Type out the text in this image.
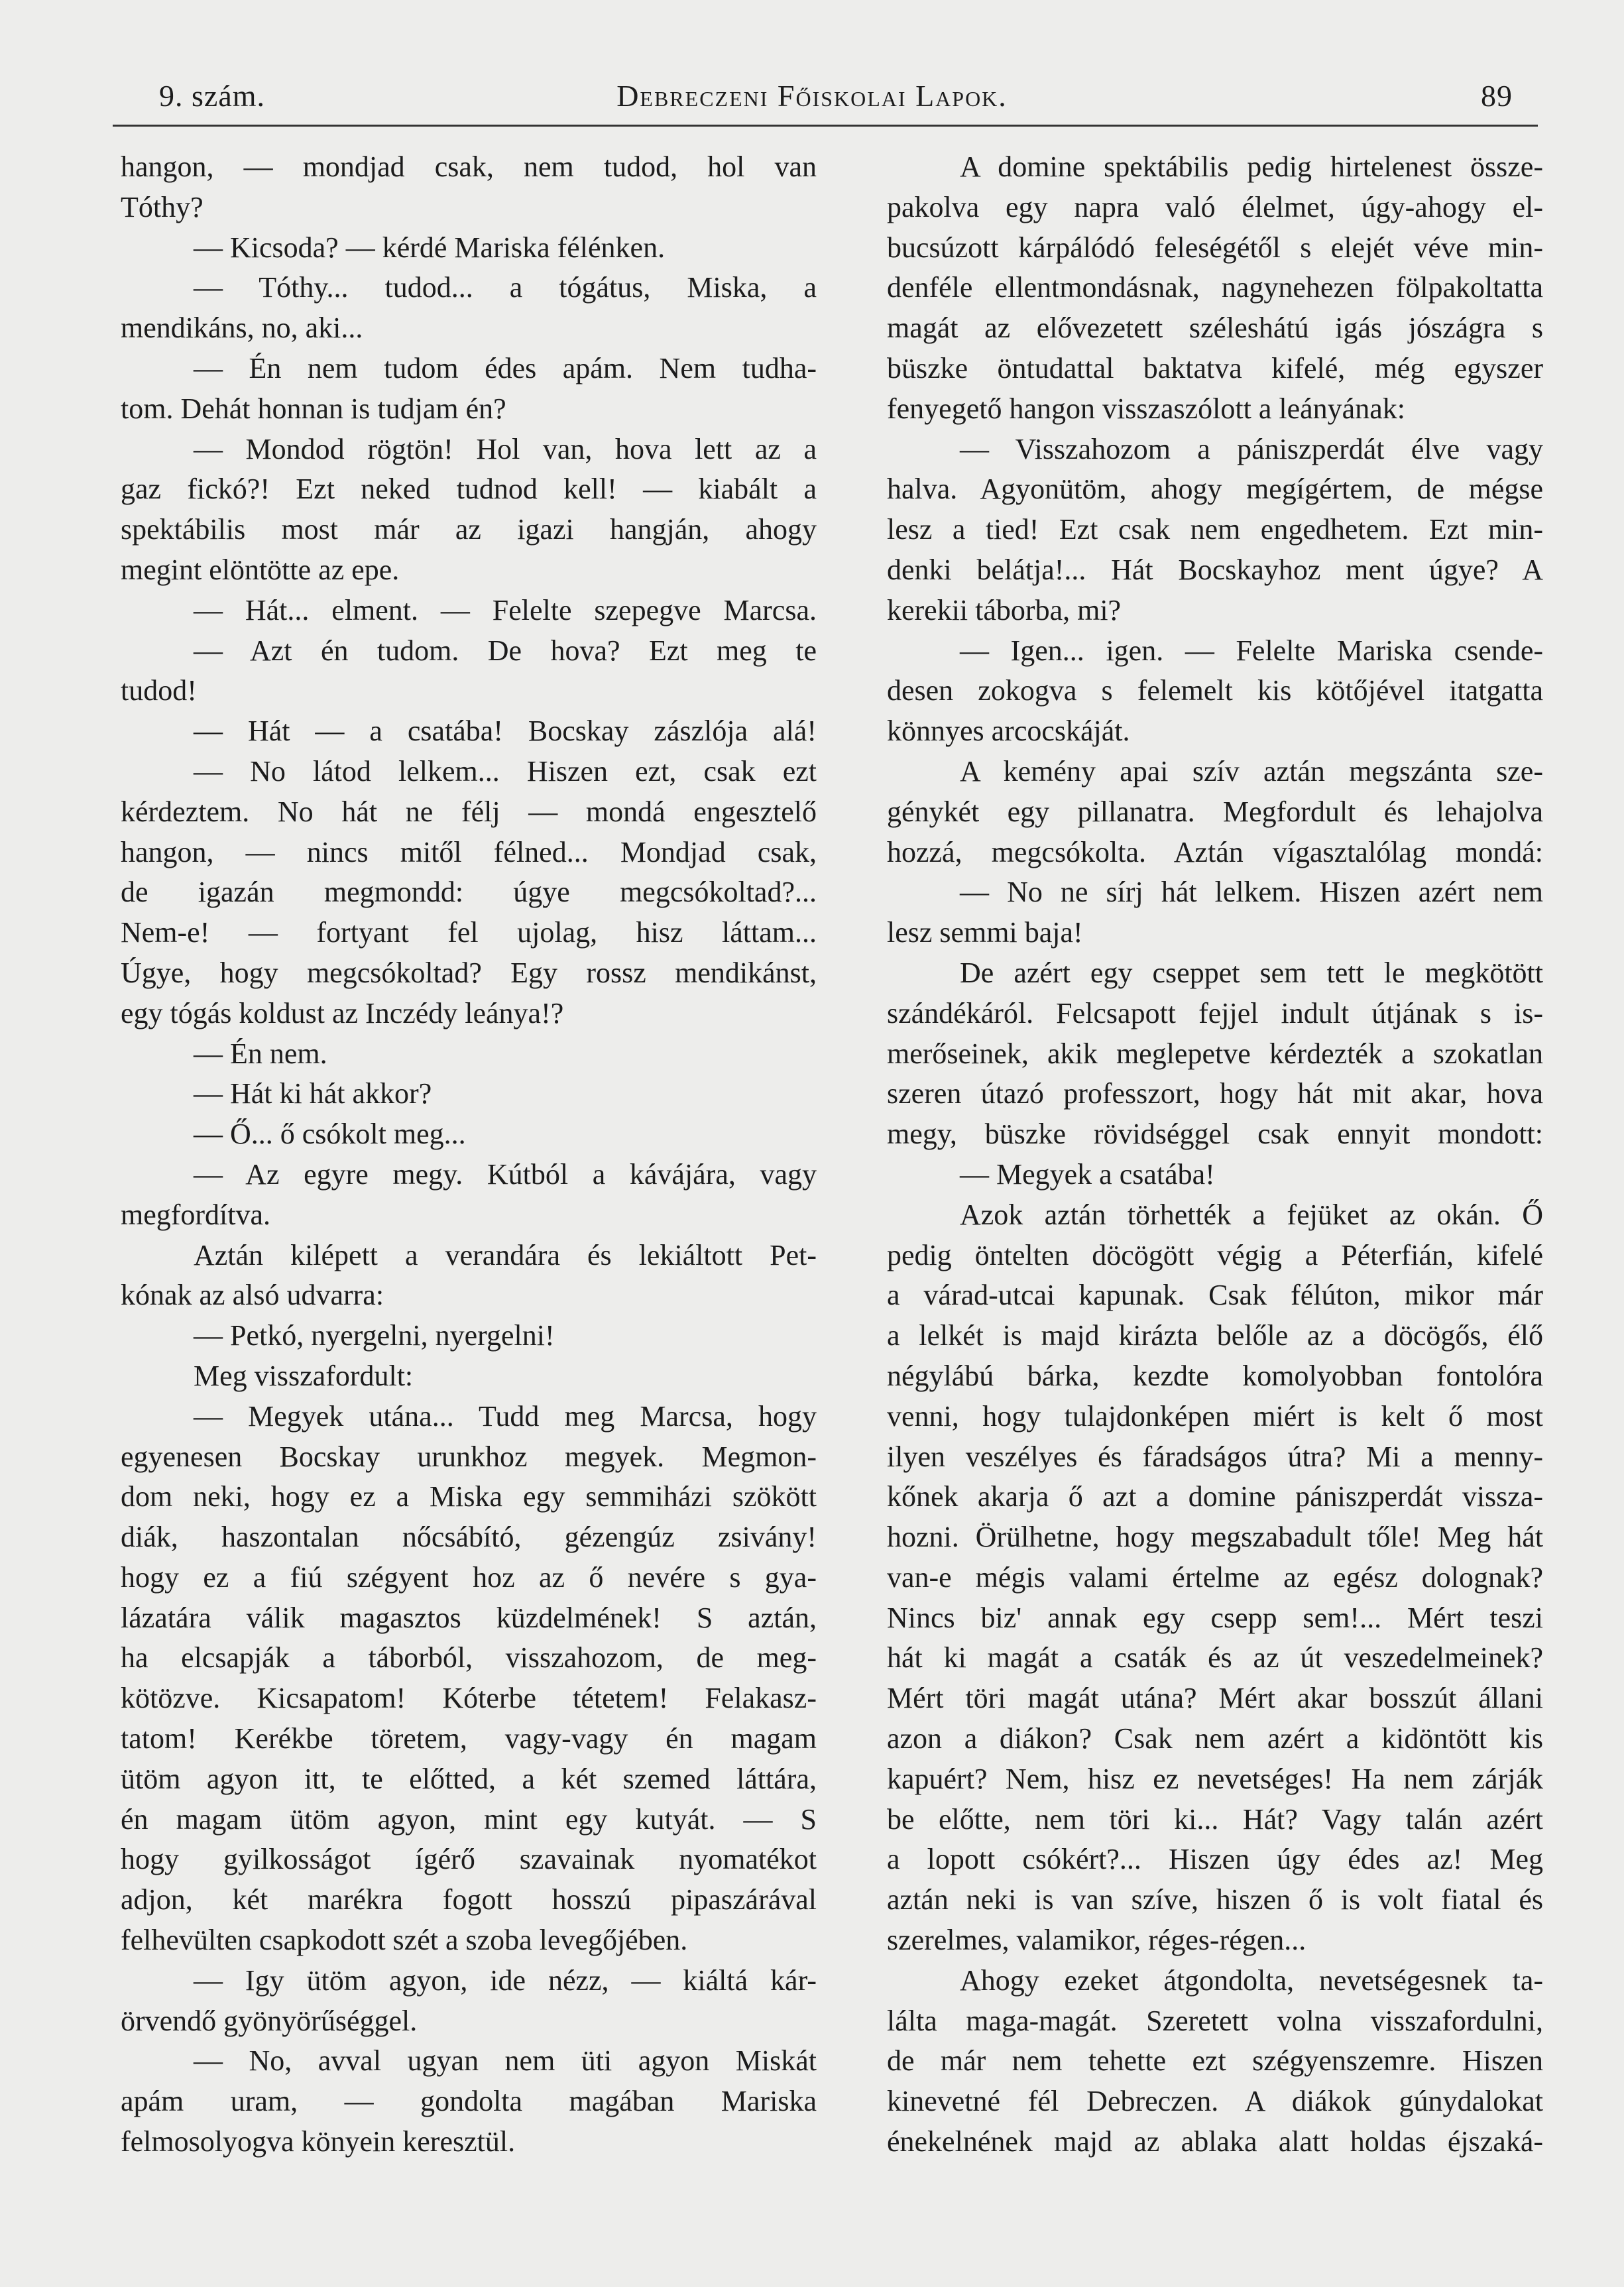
9. szám.	Debreczeni Főiskolai Lapok.	89
hangon, — mondjad csak, nem tudod, hol van
Tóthy?
— Kicsoda? — kérdé Mariska félénken.
— Tóthy... tudod... a tógátus, Miska, a
mendikáns, no, aki...
— Én nem tudom édes apám. Nem tudha-
tom. Dehát honnan is tudjam én?
— Mondod rögtön! Hol van, hova lett az a
gaz fickó?! Ezt neked tudnod kell! — kiabált a
spektábilis most már az igazi hangján, ahogy
megint elöntötte az epe.
— Hát... elment. — Felelte szepegve Marcsa.
— Azt én tudom. De hova? Ezt meg te
tudod!
— Hát — a csatába! Bocskay zászlója alá!
— No látod lelkem... Hiszen ezt, csak ezt
kérdeztem. No hát ne félj — mondá engesztelő
hangon, — nincs mitől félned... Mondjad csak,
de igazán megmondd: úgye megcsókoltad?...
Nem-e! — fortyant fel ujolag, hisz láttam...
Úgye, hogy megcsókoltad? Egy rossz mendikánst,
egy tógás koldust az Inczédy leánya!?
— Én nem.
— Hát ki hát akkor?
— Ő... ő csókolt meg...
— Az egyre megy. Kútból a kávájára, vagy
megfordítva.
Aztán kilépett a verandára és lekiáltott Pet-
kónak az alsó udvarra:
— Petkó, nyergelni, nyergelni!
Meg visszafordult:
— Megyek utána... Tudd meg Marcsa, hogy
egyenesen Bocskay urunkhoz megyek. Megmon-
dom neki, hogy ez a Miska egy semmiházi szökött
diák, haszontalan nőcsábító, gézengúz zsivány!
hogy ez a fiú szégyent hoz az ő nevére s gya-
lázatára válik magasztos küzdelmének! S aztán,
ha elcsapják a táborból, visszahozom, de meg-
kötözve. Kicsapatom! Kóterbe tétetem! Felakasz-
tatom! Kerékbe töretem, vagy-vagy én magam
ütöm agyon itt, te előtted, a két szemed láttára,
én magam ütöm agyon, mint egy kutyát. — S
hogy gyilkosságot ígérő szavainak nyomatékot
adjon, két marékra fogott hosszú pipaszárával
felhevülten csapkodott szét a szoba levegőjében.
— Igy ütöm agyon, ide nézz, — kiáltá kár-
örvendő gyönyörűséggel.
— No, avval ugyan nem üti agyon Miskát
apám uram, — gondolta magában Mariska
felmosolyogva könyein keresztül.
A domine spektábilis pedig hirtelenest össze-
pakolva egy napra való élelmet, úgy-ahogy el-
bucsúzott kárpálódó feleségétől s elejét véve min-
denféle ellentmondásnak, nagynehezen fölpakoltatta
magát az elővezetett széleshátú igás jószágra s
büszke öntudattal baktatva kifelé, még egyszer
fenyegető hangon visszaszólott a leányának:
— Visszahozom a pániszperdát élve vagy
halva. Agyonütöm, ahogy megígértem, de mégse
lesz a tied! Ezt csak nem engedhetem. Ezt min-
denki belátja!... Hát Bocskayhoz ment úgye? A
kerekii táborba, mi?
— Igen... igen. — Felelte Mariska csende-
desen zokogva s felemelt kis kötőjével itatgatta
könnyes arcocskáját.
A kemény apai szív aztán megszánta sze-
génykét egy pillanatra. Megfordult és lehajolva
hozzá, megcsókolta. Aztán vígasztalólag mondá:
— No ne sírj hát lelkem. Hiszen azért nem
lesz semmi baja!
De azért egy cseppet sem tett le megkötött
szándékáról. Felcsapott fejjel indult útjának s is-
merőseinek, akik meglepetve kérdezték a szokatlan
szeren útazó professzort, hogy hát mit akar, hova
megy, büszke rövidséggel csak ennyit mondott:
— Megyek a csatába!
Azok aztán törhették a fejüket az okán. Ő
pedig öntelten döcögött végig a Péterfián, kifelé
a várad-utcai kapunak. Csak félúton, mikor már
a lelkét is majd kirázta belőle az a döcögős, élő
négylábú bárka, kezdte komolyobban fontolóra
venni, hogy tulajdonképen miért is kelt ő most
ilyen veszélyes és fáradságos útra? Mi a menny-
kőnek akarja ő azt a domine pániszperdát vissza-
hozni. Örülhetne, hogy megszabadult tőle! Meg hát
van-e mégis valami értelme az egész dolognak?
Nincs biz' annak egy csepp sem!... Mért teszi
hát ki magát a csaták és az út veszedelmeinek?
Mért töri magát utána? Mért akar bosszút állani
azon a diákon? Csak nem azért a kidöntött kis
kapuért? Nem, hisz ez nevetséges! Ha nem zárják
be előtte, nem töri ki... Hát? Vagy talán azért
a lopott csókért?... Hiszen úgy édes az! Meg
aztán neki is van szíve, hiszen ő is volt fiatal és
szerelmes, valamikor, réges-régen...
Ahogy ezeket átgondolta, nevetségesnek ta-
lálta maga-magát. Szeretett volna visszafordulni,
de már nem tehette ezt szégyenszemre. Hiszen
kinevetné fél Debreczen. A diákok gúnydalokat
énekelnének majd az ablaka alatt holdas éjszaká-
